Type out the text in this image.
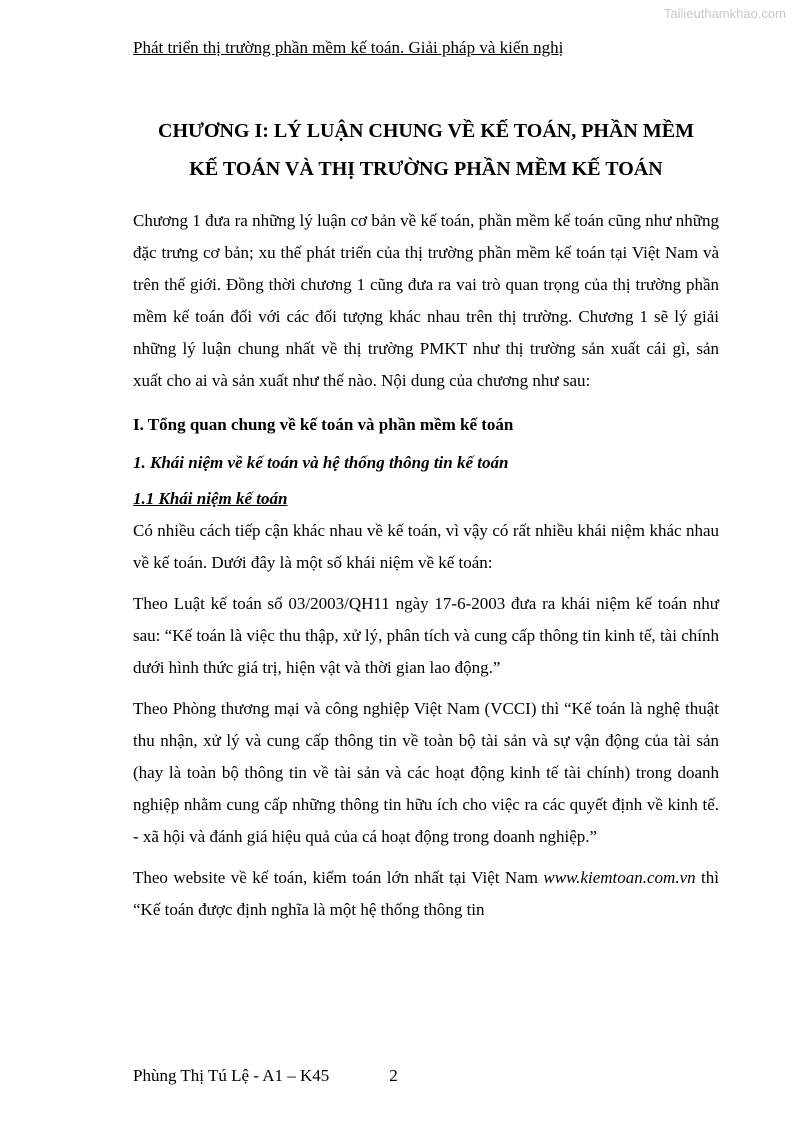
Tailieuthamkhao.com
Phát triển thị trường phần mềm kế toán. Giải pháp và kiến nghị
CHƯƠNG I: LÝ LUẬN CHUNG VỀ KẾ TOÁN, PHẦN MỀM
KẾ TOÁN VÀ THỊ TRƯỜNG PHẦN MỀM KẾ TOÁN

Chương 1 đưa ra những lý luận cơ bản về kế toán, phần mềm kế toán cũng như những đặc trưng cơ bản; xu thế phát triển của thị trường phần mềm kế toán tại Việt Nam và trên thế giới. Đồng thời chương 1 cũng đưa ra vai trò quan trọng của thị trường phần mềm kế toán đối với các đối tượng khác nhau trên thị trường. Chương 1 sẽ lý giải những lý luận chung nhất về thị trường PMKT như thị trường sản xuất cái gì, sản xuất cho ai và sản xuất như thế nào. Nội dung của chương như sau:

I. Tổng quan chung về kế toán và phần mềm kế toán
1. Khái niệm về kế toán và hệ thống thông tin kế toán
1.1 Khái niệm kế toán

Có nhiều cách tiếp cận khác nhau về kế toán, vì vậy có rất nhiều khái niệm khác nhau về kế toán. Dưới đây là một số khái niệm về kế toán:

Theo Luật kế toán số 03/2003/QH11 ngày 17-6-2003 đưa ra khái niệm kế toán như sau: “Kế toán là việc thu thập, xử lý, phân tích và cung cấp thông tin kinh tế, tài chính dưới hình thức giá trị, hiện vật và thời gian lao động.”

Theo Phòng thương mại và công nghiệp Việt Nam (VCCI) thì “Kế toán là nghệ thuật thu nhận, xử lý và cung cấp thông tin về toàn bộ tài sản và sự vận động của tài sản (hay là toàn bộ thông tin về tài sản và các hoạt động kinh tế tài chính) trong doanh nghiệp nhằm cung cấp những thông tin hữu ích cho việc ra các quyết định về kinh tế. - xã hội và đánh giá hiệu quả của cá hoạt động trong doanh nghiệp.”

Theo website về kế toán, kiểm toán lớn nhất tại Việt Nam www.kiemtoan.com.vn thì “Kế toán được định nghĩa là một hệ thống thông tin

Phùng Thị Tú Lệ - A1 – K45	2
